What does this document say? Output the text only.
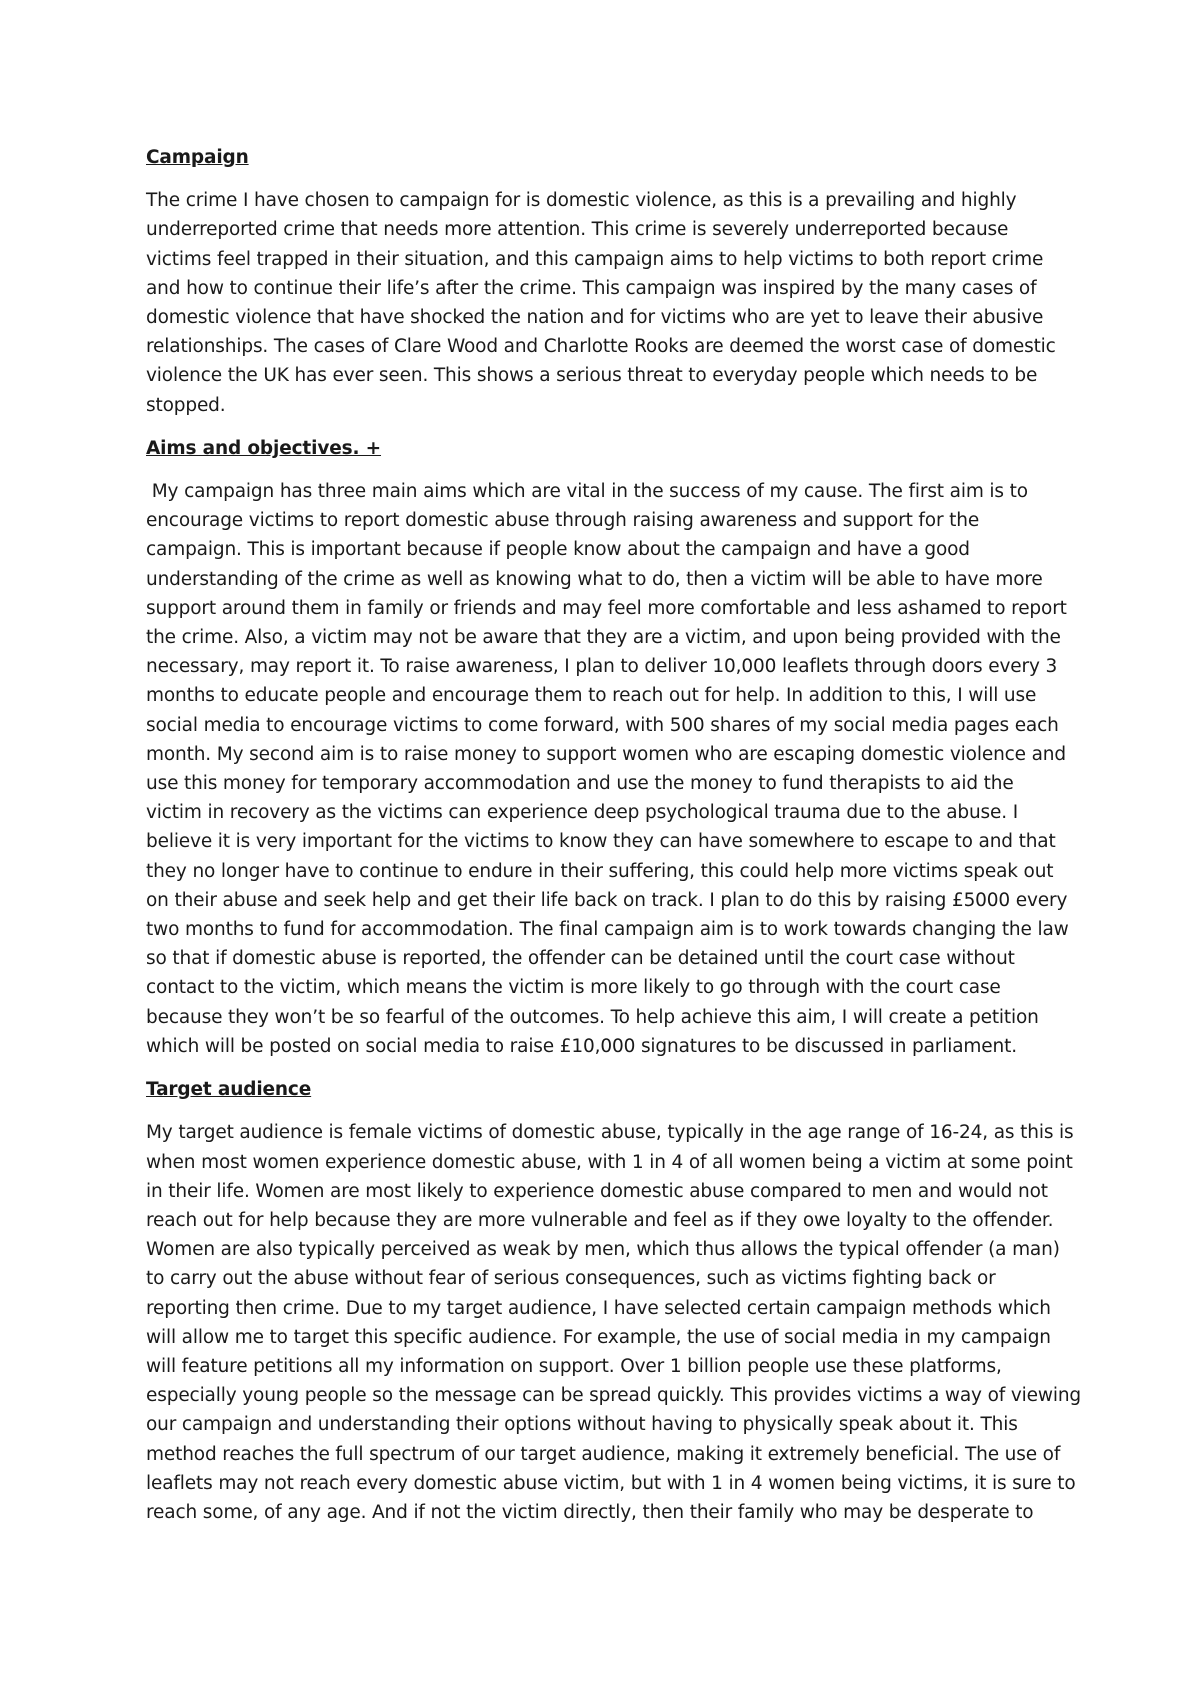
Campaign
The crime I have chosen to campaign for is domestic violence, as this is a prevailing and highly
underreported crime that needs more attention. This crime is severely underreported because
victims feel trapped in their situation, and this campaign aims to help victims to both report crime
and how to continue their life’s after the crime. This campaign was inspired by the many cases of
domestic violence that have shocked the nation and for victims who are yet to leave their abusive
relationships. The cases of Clare Wood and Charlotte Rooks are deemed the worst case of domestic
violence the UK has ever seen. This shows a serious threat to everyday people which needs to be
stopped.
Aims and objectives. +
My campaign has three main aims which are vital in the success of my cause. The first aim is to
encourage victims to report domestic abuse through raising awareness and support for the
campaign. This is important because if people know about the campaign and have a good
understanding of the crime as well as knowing what to do, then a victim will be able to have more
support around them in family or friends and may feel more comfortable and less ashamed to report
the crime. Also, a victim may not be aware that they are a victim, and upon being provided with the
necessary, may report it. To raise awareness, I plan to deliver 10,000 leaflets through doors every 3
months to educate people and encourage them to reach out for help. In addition to this, I will use
social media to encourage victims to come forward, with 500 shares of my social media pages each
month. My second aim is to raise money to support women who are escaping domestic violence and
use this money for temporary accommodation and use the money to fund therapists to aid the
victim in recovery as the victims can experience deep psychological trauma due to the abuse. I
believe it is very important for the victims to know they can have somewhere to escape to and that
they no longer have to continue to endure in their suffering, this could help more victims speak out
on their abuse and seek help and get their life back on track. I plan to do this by raising £5000 every
two months to fund for accommodation. The final campaign aim is to work towards changing the law
so that if domestic abuse is reported, the offender can be detained until the court case without
contact to the victim, which means the victim is more likely to go through with the court case
because they won’t be so fearful of the outcomes. To help achieve this aim, I will create a petition
which will be posted on social media to raise £10,000 signatures to be discussed in parliament.
Target audience
My target audience is female victims of domestic abuse, typically in the age range of 16-24, as this is
when most women experience domestic abuse, with 1 in 4 of all women being a victim at some point
in their life. Women are most likely to experience domestic abuse compared to men and would not
reach out for help because they are more vulnerable and feel as if they owe loyalty to the offender.
Women are also typically perceived as weak by men, which thus allows the typical offender (a man)
to carry out the abuse without fear of serious consequences, such as victims fighting back or
reporting then crime. Due to my target audience, I have selected certain campaign methods which
will allow me to target this specific audience. For example, the use of social media in my campaign
will feature petitions all my information on support. Over 1 billion people use these platforms,
especially young people so the message can be spread quickly. This provides victims a way of viewing
our campaign and understanding their options without having to physically speak about it. This
method reaches the full spectrum of our target audience, making it extremely beneficial. The use of
leaflets may not reach every domestic abuse victim, but with 1 in 4 women being victims, it is sure to
reach some, of any age. And if not the victim directly, then their family who may be desperate to
